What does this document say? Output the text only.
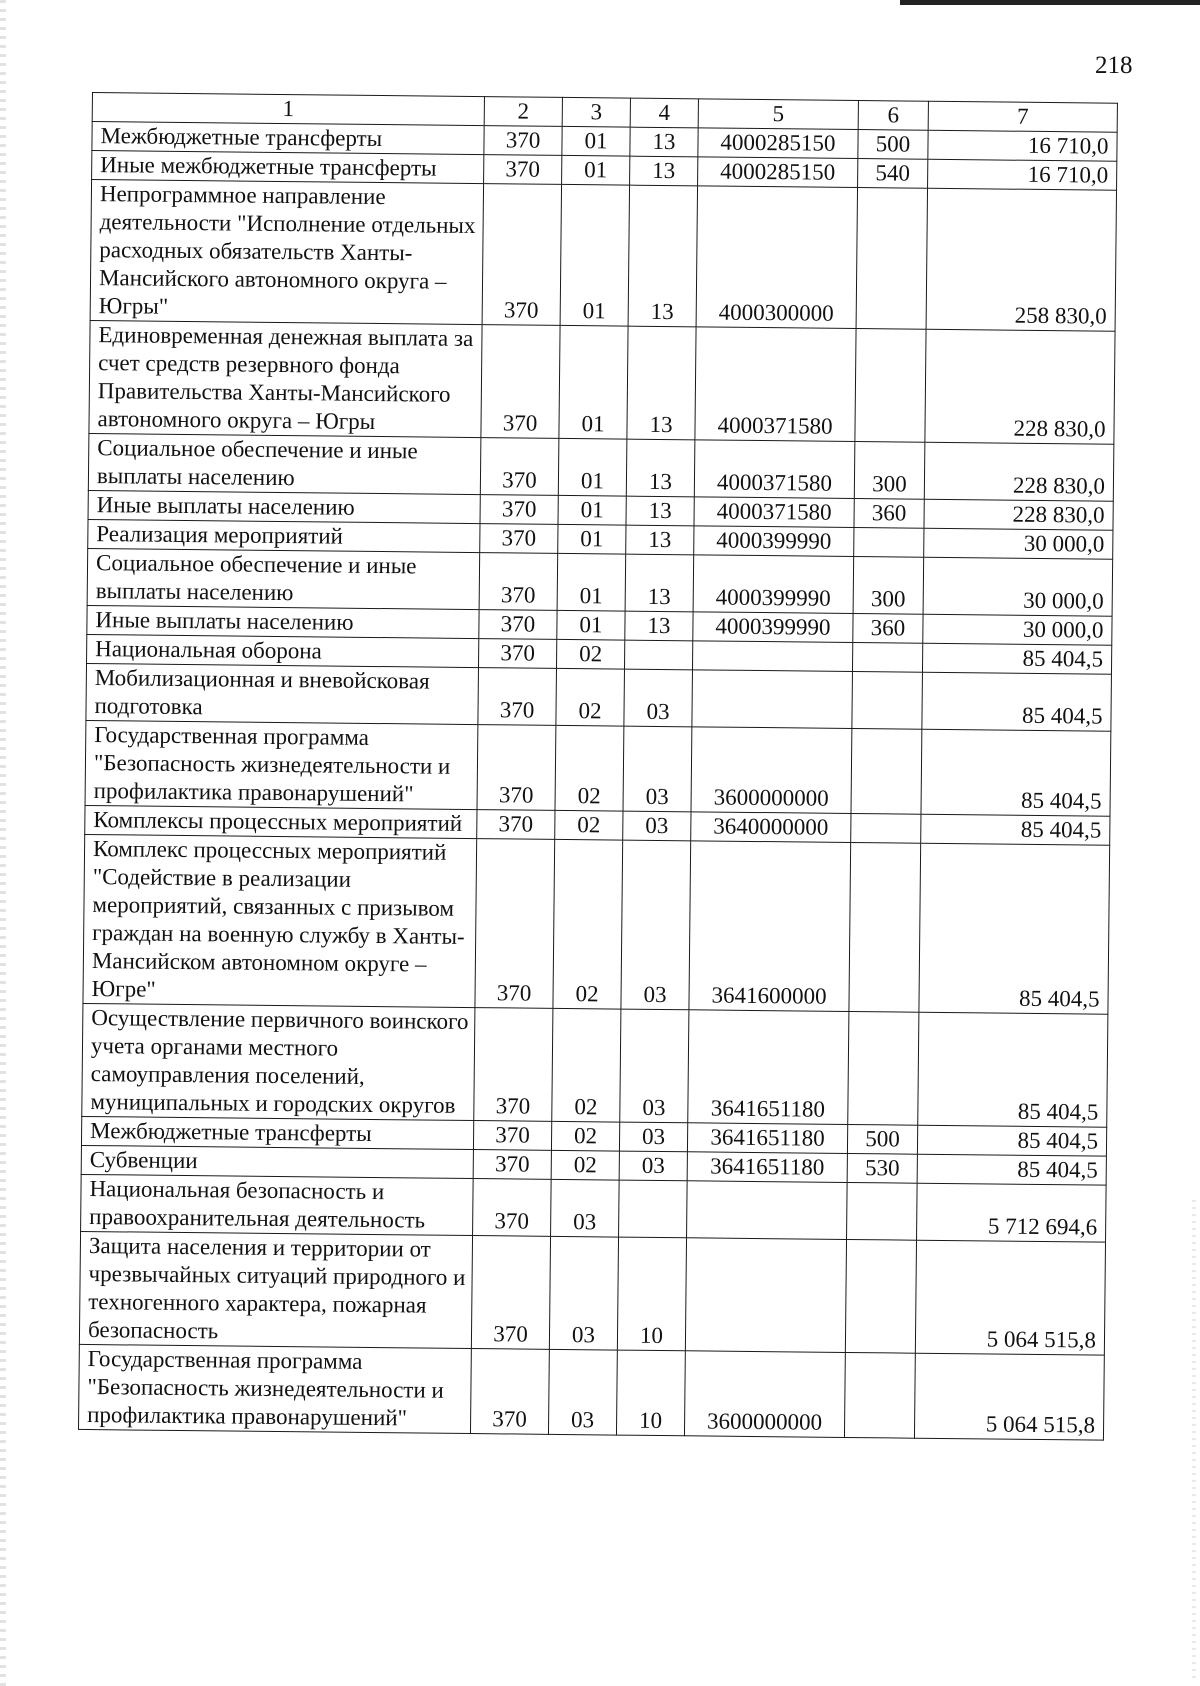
218
1	2	3	4	5	6	7
Межбюджетные трансферты	370	01	13	4000285150	500	16 710,0
Иные межбюджетные трансферты	370	01	13	4000285150	540	16 710,0
Непрограммное направление деятельности "Исполнение отдельных расходных обязательств Ханты-Мансийского автономного округа – Югры"	370	01	13	4000300000		258 830,0
Единовременная денежная выплата за счет средств резервного фонда Правительства Ханты-Мансийского автономного округа – Югры	370	01	13	4000371580		228 830,0
Социальное обеспечение и иные выплаты населению	370	01	13	4000371580	300	228 830,0
Иные выплаты населению	370	01	13	4000371580	360	228 830,0
Реализация мероприятий	370	01	13	4000399990		30 000,0
Социальное обеспечение и иные выплаты населению	370	01	13	4000399990	300	30 000,0
Иные выплаты населению	370	01	13	4000399990	360	30 000,0
Национальная оборона	370	02				85 404,5
Мобилизационная и вневойсковая подготовка	370	02	03			85 404,5
Государственная программа "Безопасность жизнедеятельности и профилактика правонарушений"	370	02	03	3600000000		85 404,5
Комплексы процессных мероприятий	370	02	03	3640000000		85 404,5
Комплекс процессных мероприятий "Содействие в реализации мероприятий, связанных с призывом граждан на военную службу в Ханты-Мансийском автономном округе – Югре"	370	02	03	3641600000		85 404,5
Осуществление первичного воинского учета органами местного самоуправления поселений, муниципальных и городских округов	370	02	03	3641651180		85 404,5
Межбюджетные трансферты	370	02	03	3641651180	500	85 404,5
Субвенции	370	02	03	3641651180	530	85 404,5
Национальная безопасность и правоохранительная деятельность	370	03				5 712 694,6
Защита населения и территории от чрезвычайных ситуаций природного и техногенного характера, пожарная безопасность	370	03	10			5 064 515,8
Государственная программа "Безопасность жизнедеятельности и профилактика правонарушений"	370	03	10	3600000000		5 064 515,8
